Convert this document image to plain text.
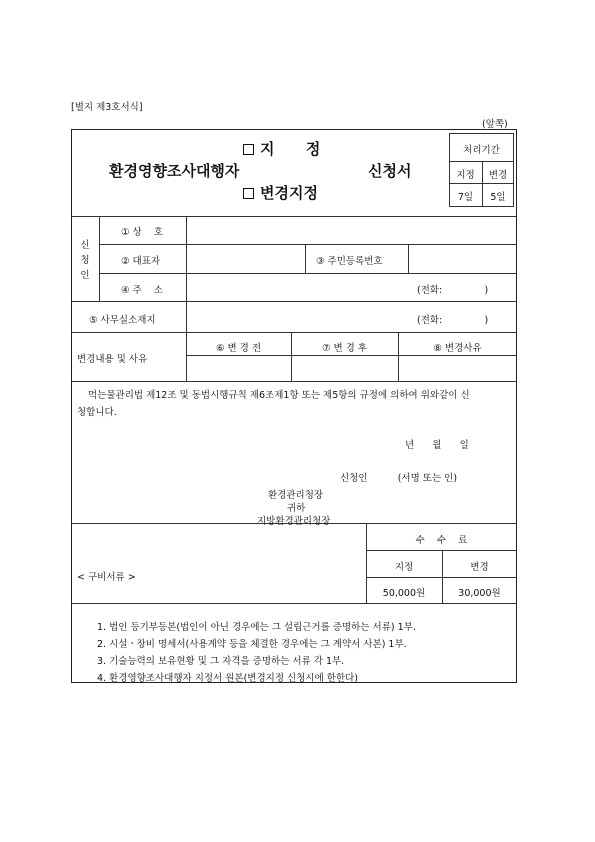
[별지 제3호서식]
(앞쪽)
처리기간
지정	변경
7일	5일
지      정
환경영향조사대행자	신청서
변경지정
신
청
인
① 상    호
② 대표자	③ 주민등록번호
④ 주    소	(전화:              )
⑤ 사무실소재지	(전화:              )
변경내용 및 사유
⑥ 변 경 전	⑦ 변 경 후	⑧ 변경사유
먹는물관리법 제12조 및 동법시행규칙 제6조제1항 또는 제5항의 규정에 의하여 위와같이 신
청합니다.
년      월      일
신청인          (서명 또는 인)
환경관리청장
귀하
지방환경관리청장
수    수    료
지정	변경
50,000원	30,000원
< 구비서류 >
1. 법인 등기부등본(법인이 아닌 경우에는 그 설립근거를 증명하는 서류) 1부.
2. 시설ㆍ장비 명세서(사용계약 등을 체결한 경우에는 그 계약서 사본) 1부.
3. 기술능력의 보유현황 및 그 자격을 증명하는 서류 각 1부.
4. 환경영향조사대행자 지정서 원본(변경지정 신청시에 한한다)
